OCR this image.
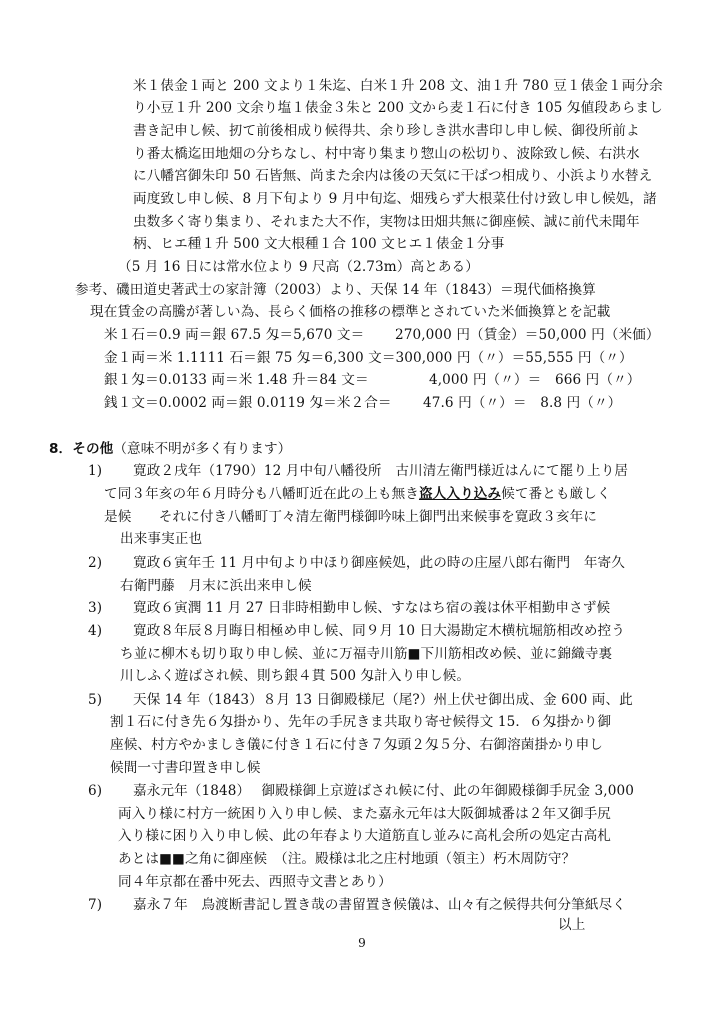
米１俵金１両と 200 文より１朱迄、白米１升 208 文、油１升 780 豆１俵金１両分余
り小豆１升 200 文余り塩１俵金３朱と 200 文から麦１石に付き 105 匁値段あらまし
書き記申し候、扨て前後相成り候得共、余り珍しき洪水書印し申し候、御役所前よ
り番太橋迄田地畑の分ちなし、村中寄り集まり惣山の松切り、波除致し候、右洪水
に八幡宮御朱印 50 石皆無、尚また余内は後の天気に干ばつ相成り、小浜より水替え
両度致し申し候、8 月下旬より 9 月中旬迄、畑残らず大根菜仕付け致し申し候処，諸
虫数多く寄り集まり、それまた大不作，実物は田畑共無に御座候、誠に前代未聞年
柄、ヒエ種１升 500 文大根種１合 100 文ヒエ１俵金１分事
（5 月 16 日には常水位より 9 尺高（2.73m）高とある）
参考、磯田道史著武士の家計簿（2003）より、天保 14 年（1843）＝現代価格換算
現在賃金の高騰が著しい為、長らく価格の推移の標準とされていた米価換算とを記載
米１石＝0.9 両＝銀 67.5 匁＝5,670 文＝ 270,000 円（賃金）＝50,000 円（米価）
金１両＝米 1.1111 石＝銀 75 匁＝6,300 文＝300,000 円（〃）＝55,555 円（〃）
銀１匁＝0.0133 両＝米 1.48 升＝84 文＝	4,000 円（〃）＝　666 円（〃）
銭１文＝0.0002 両＝銀 0.0119 匁＝米２合＝ 47.6 円（〃）＝　8.8 円（〃）
8．その他（意味不明が多く有ります）
1) 寛政２戌年（1790）12 月中旬八幡役所　古川清左衛門様近はんにて罷り上り居
て同３年亥の年６月時分も八幡町近在此の上も無き盗人入り込み候て番とも厳しく
是候　　それに付き八幡町丁々清左衛門様御吟味上御門出来候事を寛政３亥年に
出来事実正也
2) 寛政６寅年壬 11 月中旬より中ほり御座候処，此の時の庄屋八郎右衛門　年寄久
右衛門藤　月末に浜出来申し候
3) 寛政６寅潤 11 月 27 日非時相勤申し候、すなはち宿の義は休平相勤申さず候
4) 寛政８年辰８月晦日相極め申し候、同９月 10 日大湯勘定木横杭堀筋相改め控う
ち並に柳木も切り取り申し候、並に万福寺川筋■下川筋相改め候、並に錦織寺裏
川しふく遊ばされ候、則ち銀４貫 500 匁計入り申し候。
5) 天保 14 年（1843）８月 13 日御殿様尼（尾?）州上伏せ御出成、金 600 両、此
割１石に付き先６匁掛かり、先年の手尻きま共取り寄せ候得文 15．６匁掛かり御
座候、村方やかましき儀に付き１石に付き７匁頭２匁５分、右御溶菌掛かり申し
候間一寸書印置き申し候
6) 嘉永元年（1848）　 御殿様御上京遊ばされ候に付、此の年御殿様御手尻金 3,000
両入り様に村方一統困り入り申し候、また嘉永元年は大阪御城番は２年又御手尻
入り様に困り入り申し候、此の年春より大道筋直し並みに高札会所の処定古高札
あとは■■之角に御座候　（注。殿様は北之庄村地頭（領主）朽木周防守？
同４年京都在番中死去、西照寺文書とあり）
7) 嘉永７年　鳥渡断書記し置き哉の書留置き候儀は、山々有之候得共何分筆紙尽く
以上
9
